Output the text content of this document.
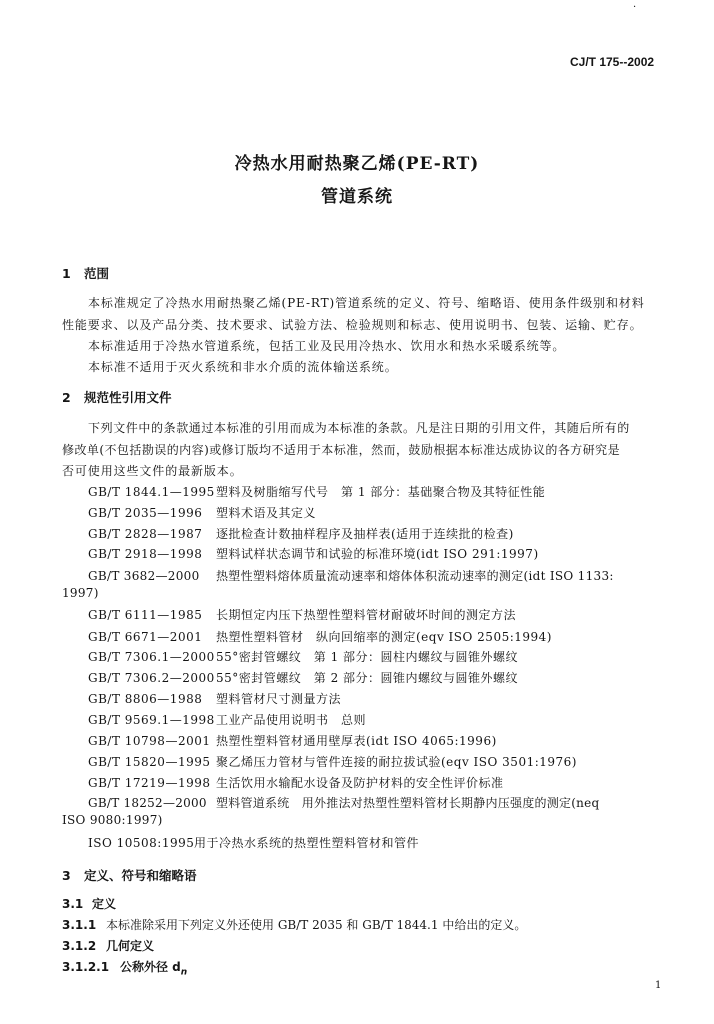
·
CJ/T 175--2002
冷热水用耐热聚乙烯(PE-RT)
管道系统
1 范围
本标准规定了冷热水用耐热聚乙烯(PE-RT)管道系统的定义、符号、缩略语、使用条件级别和材料
性能要求、以及产品分类、技术要求、试验方法、检验规则和标志、使用说明书、包装、运输、贮存。
本标准适用于冷热水管道系统，包括工业及民用冷热水、饮用水和热水采暖系统等。
本标准不适用于灭火系统和非水介质的流体输送系统。
2 规范性引用文件
下列文件中的条款通过本标准的引用而成为本标准的条款。凡是注日期的引用文件，其随后所有的
修改单(不包括勘误的内容)或修订版均不适用于本标准，然而，鼓励根据本标准达成协议的各方研究是
否可使用这些文件的最新版本。
GB/T 1844.1—1995塑料及树脂缩写代号　第 1 部分：基础聚合物及其特征性能
GB/T 2035—1996 塑料术语及其定义
GB/T 2828—1987 逐批检查计数抽样程序及抽样表(适用于连续批的检查)
GB/T 2918—1998 塑料试样状态调节和试验的标准环境(idt ISO 291:1997)
GB/T 3682—2000 热塑性塑料熔体质量流动速率和熔体体积流动速率的测定(idt ISO 1133:
1997)
GB/T 6111—1985 长期恒定内压下热塑性塑料管材耐破坏时间的测定方法
GB/T 6671—2001 热塑性塑料管材　纵向回缩率的测定(eqv ISO 2505:1994)
GB/T 7306.1—200055°密封管螺纹　第 1 部分：圆柱内螺纹与圆锥外螺纹
GB/T 7306.2—200055°密封管螺纹　第 2 部分：圆锥内螺纹与圆锥外螺纹
GB/T 8806—1988 塑料管材尺寸测量方法
GB/T 9569.1—1998工业产品使用说明书　总则
GB/T 10798—2001 热塑性塑料管材通用壁厚表(idt ISO 4065:1996)
GB/T 15820—1995 聚乙烯压力管材与管件连接的耐拉拔试验(eqv ISO 3501:1976)
GB/T 17219—1998 生活饮用水输配水设备及防护材料的安全性评价标准
GB/T 18252—2000 塑料管道系统　用外推法对热塑性塑料管材长期静内压强度的测定(neq
ISO 9080:1997)
ISO 10508:1995用于冷热水系统的热塑性塑料管材和管件
3 定义、符号和缩略语
3.1 定义
3.1.1 本标准除采用下列定义外还使用 GB/T 2035 和 GB/T 1844.1 中给出的定义。
3.1.2 几何定义
3.1.2.1 公称外径 $d_n$
1
